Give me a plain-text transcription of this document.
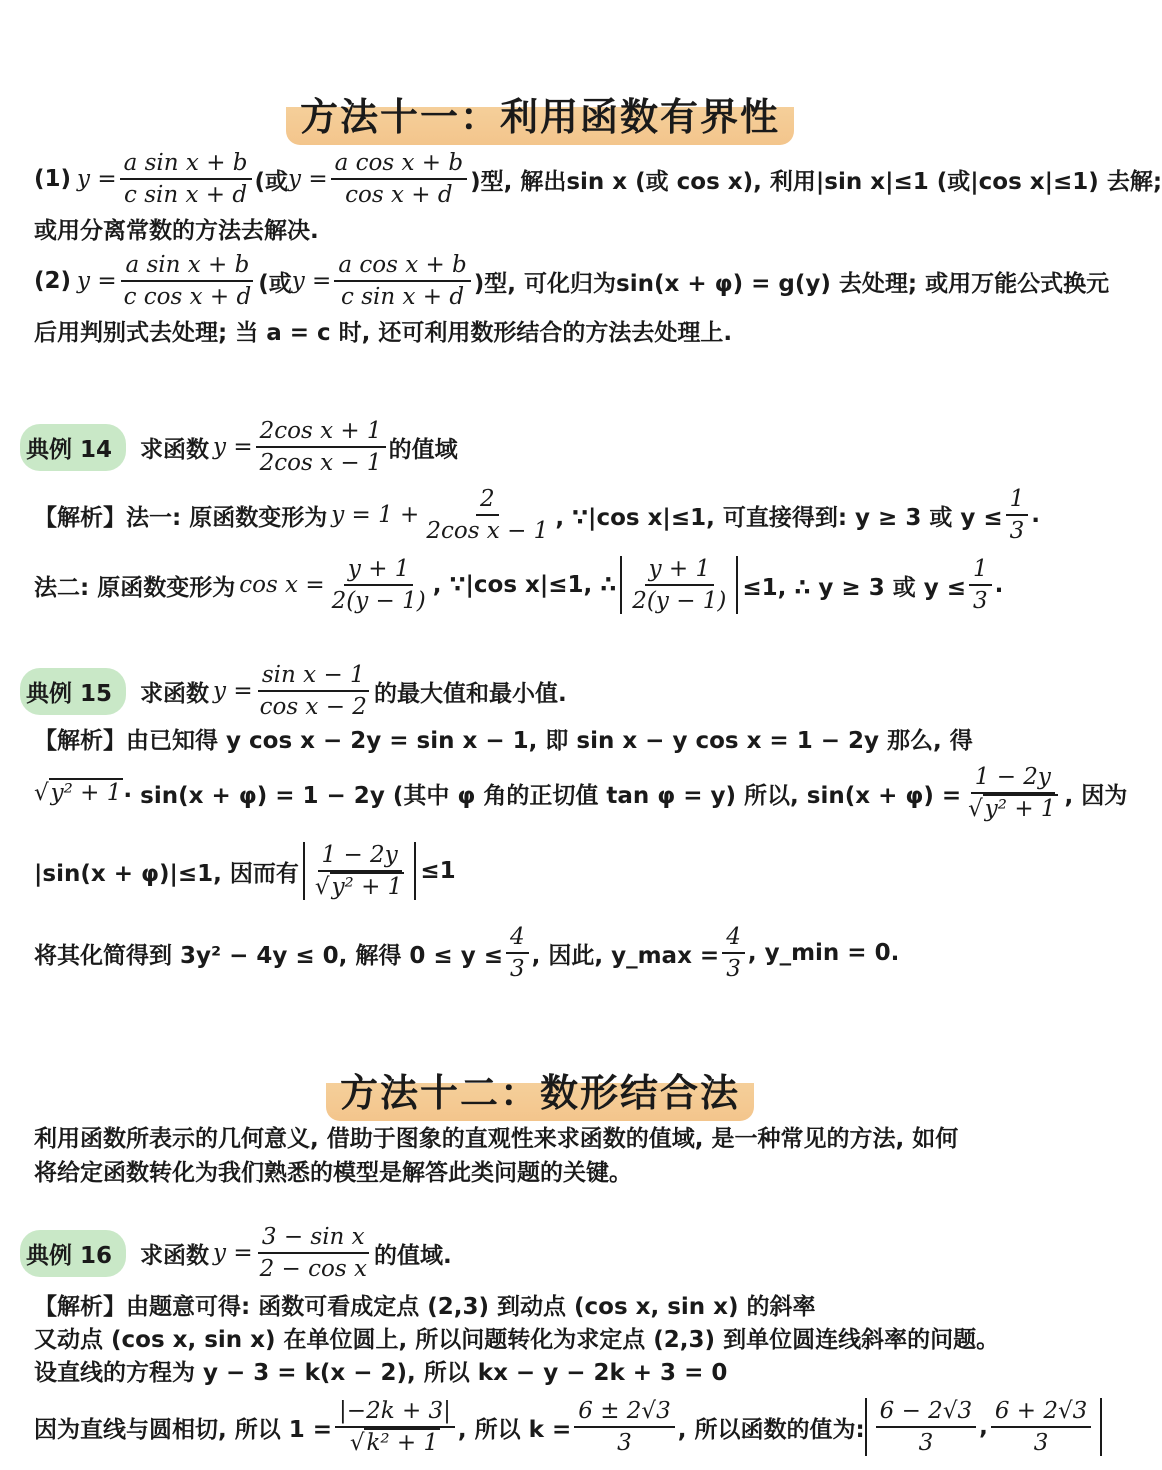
方法十一：利用函数有界性
(1) $y = \frac{\text{a sin x + b}}{\text{c sin x + d}}$ (或 $y = \frac{\text{a cos x + b}}{\text{cos x + d}}$ )型, 解出sin x (或 cos x), 利用|sin x|≤1 (或|cos x|≤1) 去解;
或用分离常数的方法去解决.
(2) $y = \frac{\text{a sin x + b}}{\text{c cos x + d}}$ (或 $y = \frac{\text{a cos x + b}}{\text{c sin x + d}}$ )型, 可化归为sin(x + φ) = g(y) 去处理; 或用万能公式换元
后用判别式去处理; 当 a = c 时, 还可利用数形结合的方法去处理上.
典例 14	求函数 $y = \frac{\text{2cos x + 1}}{\text{2cos x − 1}}$ 的值域
【解析】法一: 原函数变形为 $y = 1 + \frac{2}{\text{2cos x − 1}}$ , ∵|cos x|≤1, 可直接得到: y ≥ 3 或 $y \le \frac{1}{3}$ .
法二: 原函数变形为 $\cos x = \frac{y + 1}{2(y - 1)}$ , ∵|cos x|≤1, ∴ $\frac{y + 1}{2(y - 1)} \le 1$, ∴ y ≥ 3 或 $y \le \frac{1}{3}$ .
典例 15	求函数 $y = \frac{\text{sin x − 1}}{\text{cos x − 2}}$ 的最大值和最小值.
【解析】由已知得 y cos x − 2y = sin x − 1, 即 sin x − y cos x = 1 − 2y 那么, 得
√y² + 1 · sin(x + φ) = 1 − 2y (其中 φ 角的正切值 tan φ = y) 所以, $\sin(x + \varphi) = \frac{1 - 2y}{\text{√y² + 1}}$ , 因为
|sin(x + φ)|≤1, 因而有 $\frac{1 - 2y}{\text{√y² + 1}} \le 1$
将其化简得到 3y² − 4y ≤ 0, 解得 $0 \le y \le \frac{4}{3}$ , 因此, y_max = $\frac{4}{3}$ , y_min = 0.
方法十二：数形结合法
利用函数所表示的几何意义, 借助于图象的直观性来求函数的值域, 是一种常见的方法, 如何
将给定函数转化为我们熟悉的模型是解答此类问题的关键。
典例 16	求函数 $y = \frac{\text{3 − sin x}}{\text{2 − cos x}}$ 的值域.
【解析】由题意可得: 函数可看成定点 (2,3) 到动点 (cos x, sin x) 的斜率
又动点 (cos x, sin x) 在单位圆上, 所以问题转化为求定点 (2,3) 到单位圆连线斜率的问题。
设直线的方程为 y − 3 = k(x − 2), 所以 kx − y − 2k + 3 = 0
因为直线与圆相切, 所以 $1 = \frac{|-2k + 3|}{\text{√k² + 1}}$ , 所以 $k = \frac{6 \pm 2√3}{3}$ , 所以函数的值为: $\frac{6 - 2√3}{3}$ , $\frac{6 + 2√3}{3}$
